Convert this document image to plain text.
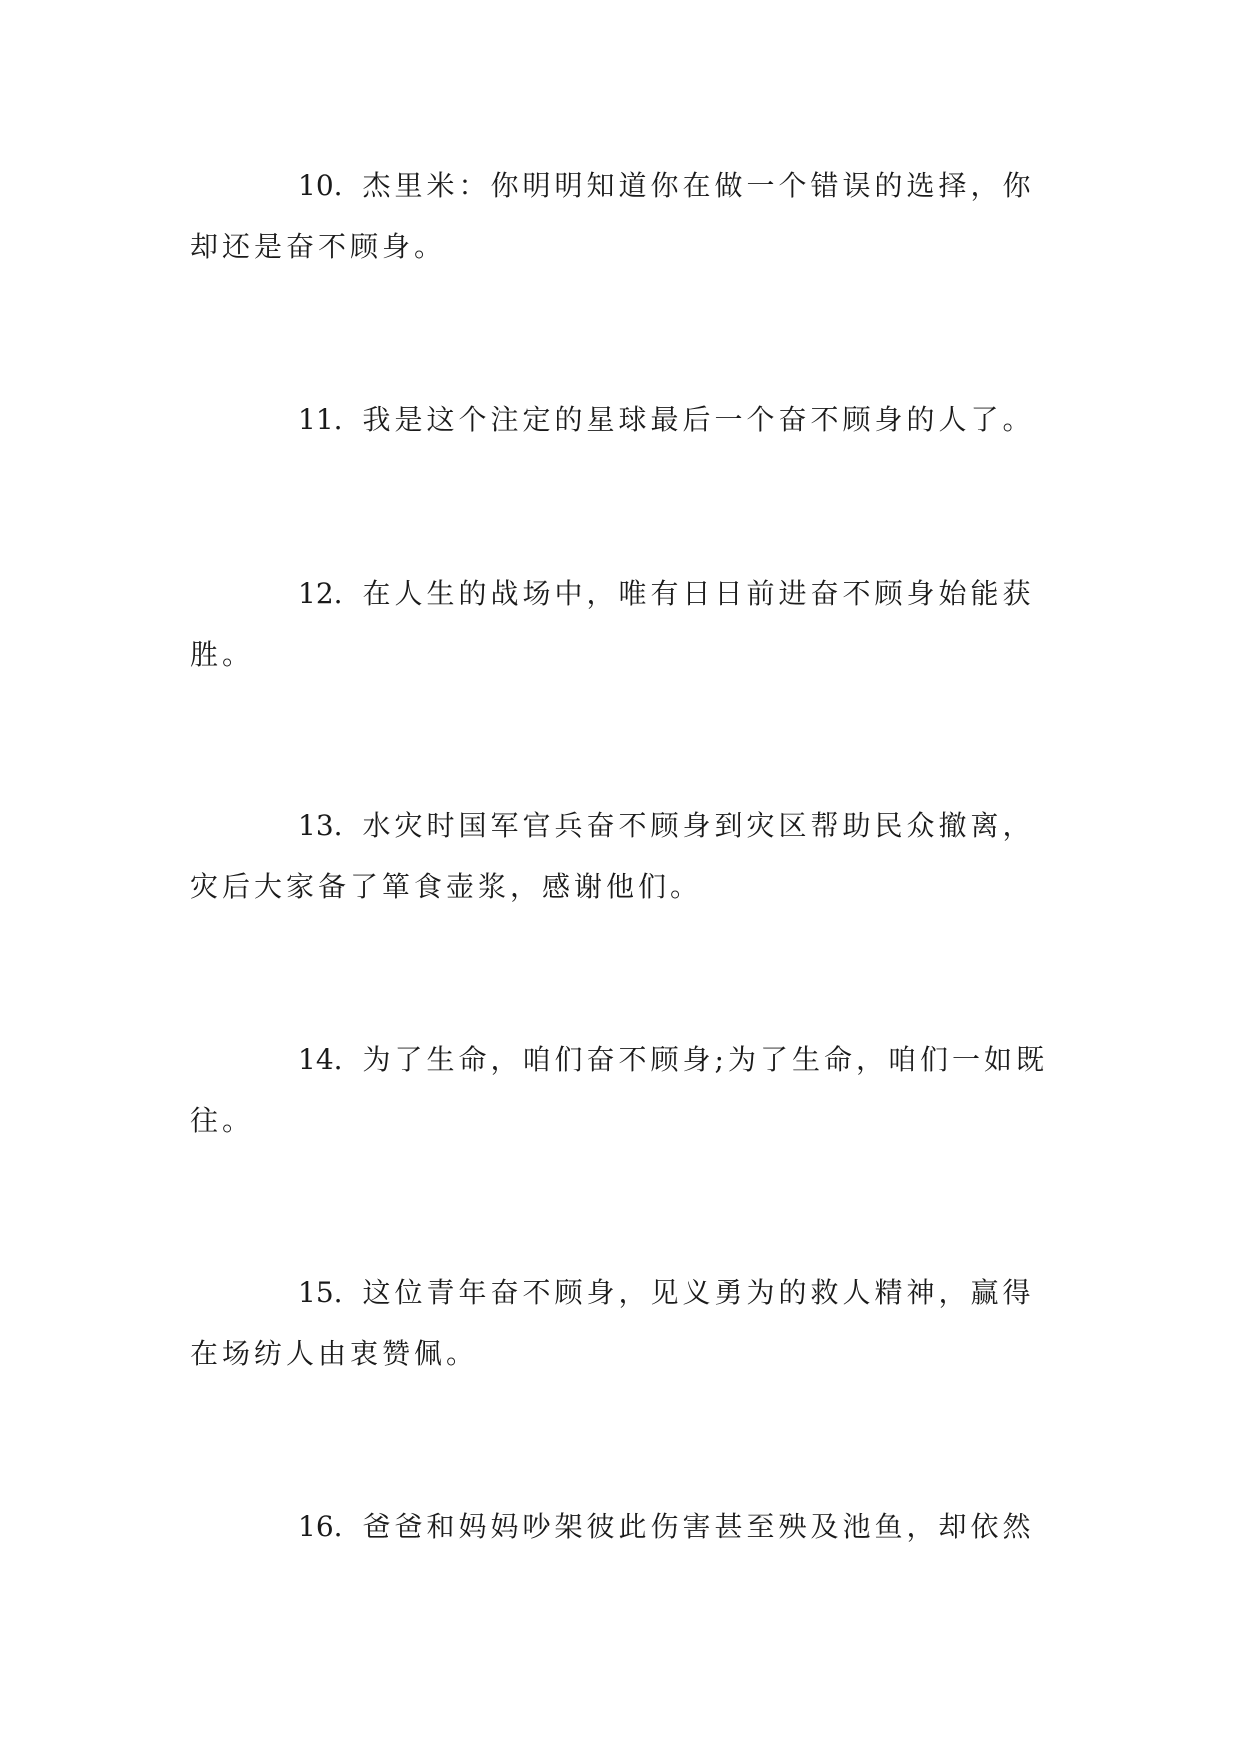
10. 杰里米：你明明知道你在做一个错误的选择，你却还是奋不顾身。

11. 我是这个注定的星球最后一个奋不顾身的人了。

12. 在人生的战场中，唯有日日前进奋不顾身始能获胜。

13. 水灾时国军官兵奋不顾身到灾区帮助民众撤离，灾后大家备了箪食壶浆，感谢他们。

14. 为了生命，咱们奋不顾身;为了生命，咱们一如既往。

15. 这位青年奋不顾身，见义勇为的救人精神，赢得在场纺人由衷赞佩。

16. 爸爸和妈妈吵架彼此伤害甚至殃及池鱼，却依然
